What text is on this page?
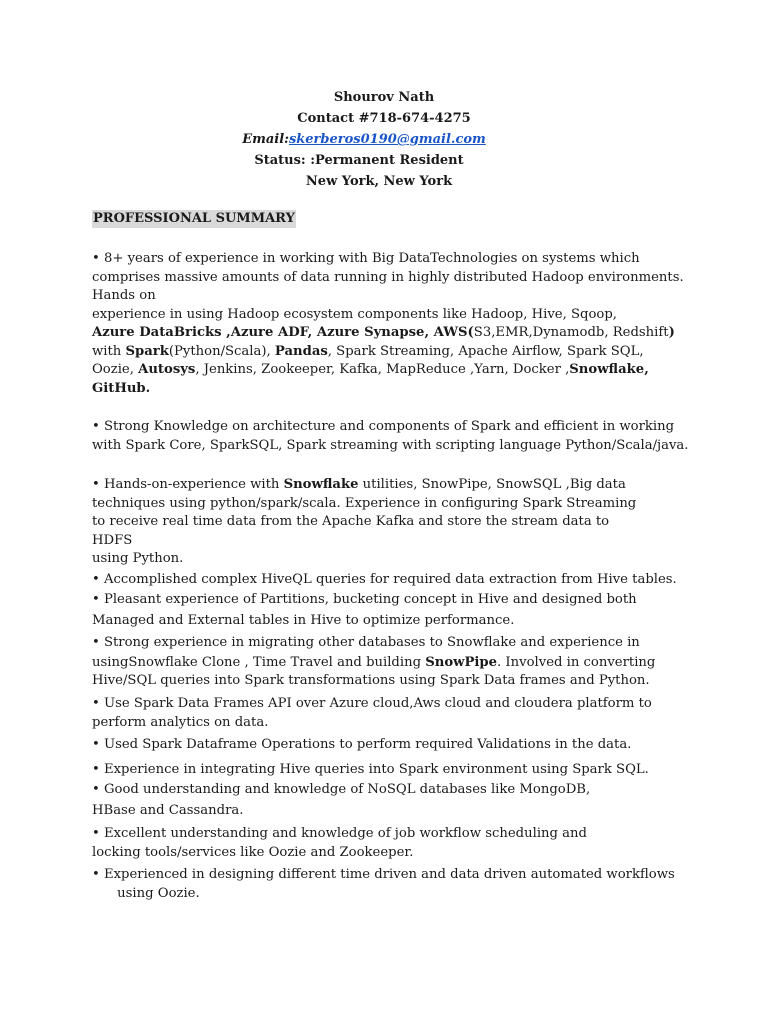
Shourov Nath
Contact #718-674-4275
Email:skerberos0190@gmail.com
Status: :Permanent Resident
New York, New York
PROFESSIONAL SUMMARY
• 8+ years of experience in working with Big DataTechnologies on systems which
comprises massive amounts of data running in highly distributed Hadoop environments.
Hands on
experience in using Hadoop ecosystem components like Hadoop, Hive, Sqoop,
Azure DataBricks ,Azure ADF, Azure Synapse, AWS(S3,EMR,Dynamodb, Redshift)
with Spark(Python/Scala), Pandas, Spark Streaming, Apache Airflow, Spark SQL,
Oozie, Autosys, Jenkins, Zookeeper, Kafka, MapReduce ,Yarn, Docker ,Snowflake,
GitHub.
• Strong Knowledge on architecture and components of Spark and efficient in working
with Spark Core, SparkSQL, Spark streaming with scripting language Python/Scala/java.
• Hands-on-experience with Snowflake utilities, SnowPipe, SnowSQL ,Big data
techniques using python/spark/scala. Experience in configuring Spark Streaming
to receive real time data from the Apache Kafka and store the stream data to
HDFS
using Python.
• Accomplished complex HiveQL queries for required data extraction from Hive tables.
• Pleasant experience of Partitions, bucketing concept in Hive and designed both
Managed and External tables in Hive to optimize performance.
• Strong experience in migrating other databases to Snowflake and experience in
usingSnowflake Clone , Time Travel and building SnowPipe. Involved in converting
Hive/SQL queries into Spark transformations using Spark Data frames and Python.
• Use Spark Data Frames API over Azure cloud,Aws cloud and cloudera platform to
perform analytics on data.
• Used Spark Dataframe Operations to perform required Validations in the data.
• Experience in integrating Hive queries into Spark environment using Spark SQL.
• Good understanding and knowledge of NoSQL databases like MongoDB,
HBase and Cassandra.
• Excellent understanding and knowledge of job workflow scheduling and
locking tools/services like Oozie and Zookeeper.
• Experienced in designing different time driven and data driven automated workflows
using Oozie.
